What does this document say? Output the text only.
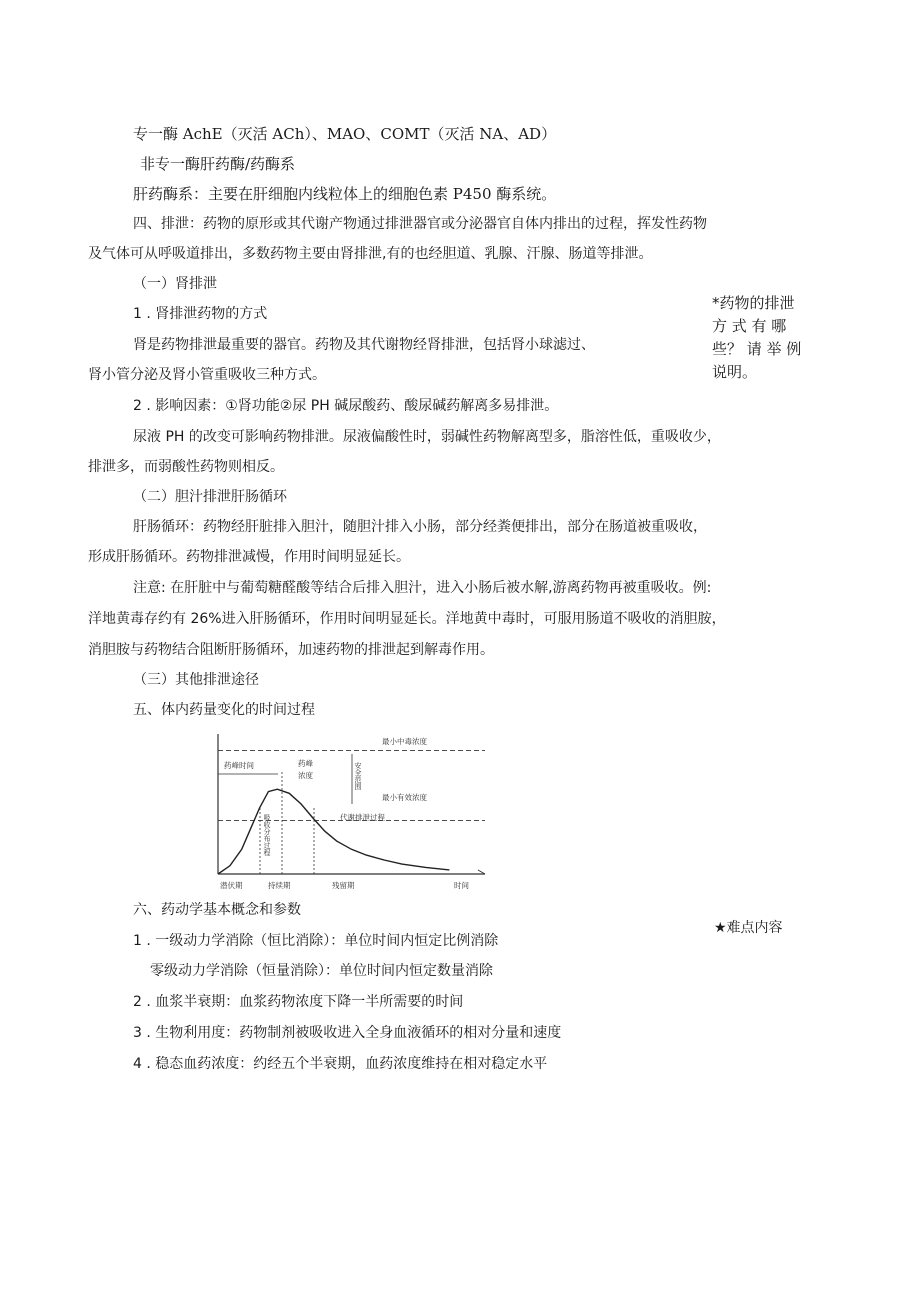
专一酶 AchE（灭活 ACh）、MAO、COMT（灭活 NA、AD）
非专一酶肝药酶/药酶系
肝药酶系：主要在肝细胞内线粒体上的细胞色素 P450 酶系统。
四、排泄：药物的原形或其代谢产物通过排泄器官或分泌器官自体内排出的过程，挥发性药物
及气体可从呼吸道排出，多数药物主要由肾排泄,有的也经胆道、乳腺、汗腺、肠道等排泄。
（一）肾排泄
1 . 肾排泄药物的方式
肾是药物排泄最重要的器官。药物及其代谢物经肾排泄，包括肾小球滤过、
肾小管分泌及肾小管重吸收三种方式。
2 . 影响因素：①肾功能②尿 PH 碱尿酸药、酸尿碱药解离多易排泄。
尿液 PH 的改变可影响药物排泄。尿液偏酸性时，弱碱性药物解离型多，脂溶性低，重吸收少，
排泄多，而弱酸性药物则相反。
（二）胆汁排泄肝肠循环
肝肠循环：药物经肝脏排入胆汁，随胆汁排入小肠，部分经粪便排出，部分在肠道被重吸收，
形成肝肠循环。药物排泄减慢，作用时间明显延长。
注意: 在肝脏中与葡萄糖醛酸等结合后排入胆汁，进入小肠后被水解,游离药物再被重吸收。例:
洋地黄毒存约有 26%进入肝肠循环，作用时间明显延长。洋地黄中毒时，可服用肠道不吸收的消胆胺，
消胆胺与药物结合阻断肝肠循环，加速药物的排泄起到解毒作用。
（三）其他排泄途径
五、体内药量变化的时间过程
最小中毒浓度
最小有效浓度
安全范围
药峰时间	药峰
浓度
吸收分布过程	代谢排泄过程
潜伏期	持续期	残留期	时间
六、药动学基本概念和参数
1 . 一级动力学消除（恒比消除）：单位时间内恒定比例消除
零级动力学消除（恒量消除）：单位时间内恒定数量消除
2 . 血浆半衰期：血浆药物浓度下降一半所需要的时间
3 . 生物利用度：药物制剂被吸收进入全身血液循环的相对分量和速度
4 . 稳态血药浓度：约经五个半衰期，血药浓度维持在相对稳定水平
*药物的排泄
方 式 有 哪
些？ 请 举 例
说明。
★难点内容
